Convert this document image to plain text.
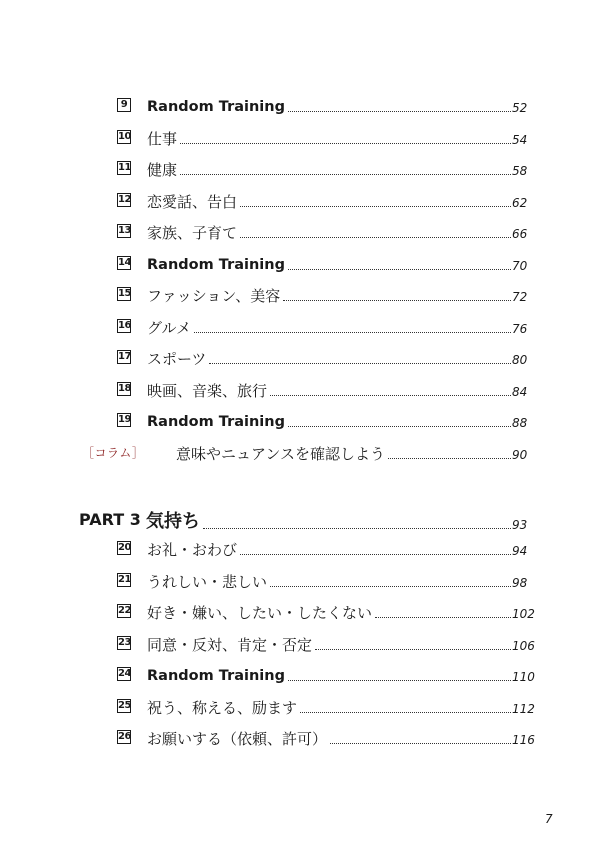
9 Random Training	52
10 仕事	54
11 健康	58
12 恋愛話、告白	62
13 家族、子育て	66
14 Random Training	70
15 ファッション、美容	72
16 グルメ	76
17 スポーツ	80
18 映画、音楽、旅行	84
19 Random Training	88
［コラム］ 意味やニュアンスを確認しよう	90
PART 3 気持ち	93
20 お礼・おわび	94
21 うれしい・悲しい	98
22 好き・嫌い、したい・したくない	102
23 同意・反対、肯定・否定	106
24 Random Training	110
25 祝う、称える、励ます	112
26 お願いする（依頼、許可）	116
7
